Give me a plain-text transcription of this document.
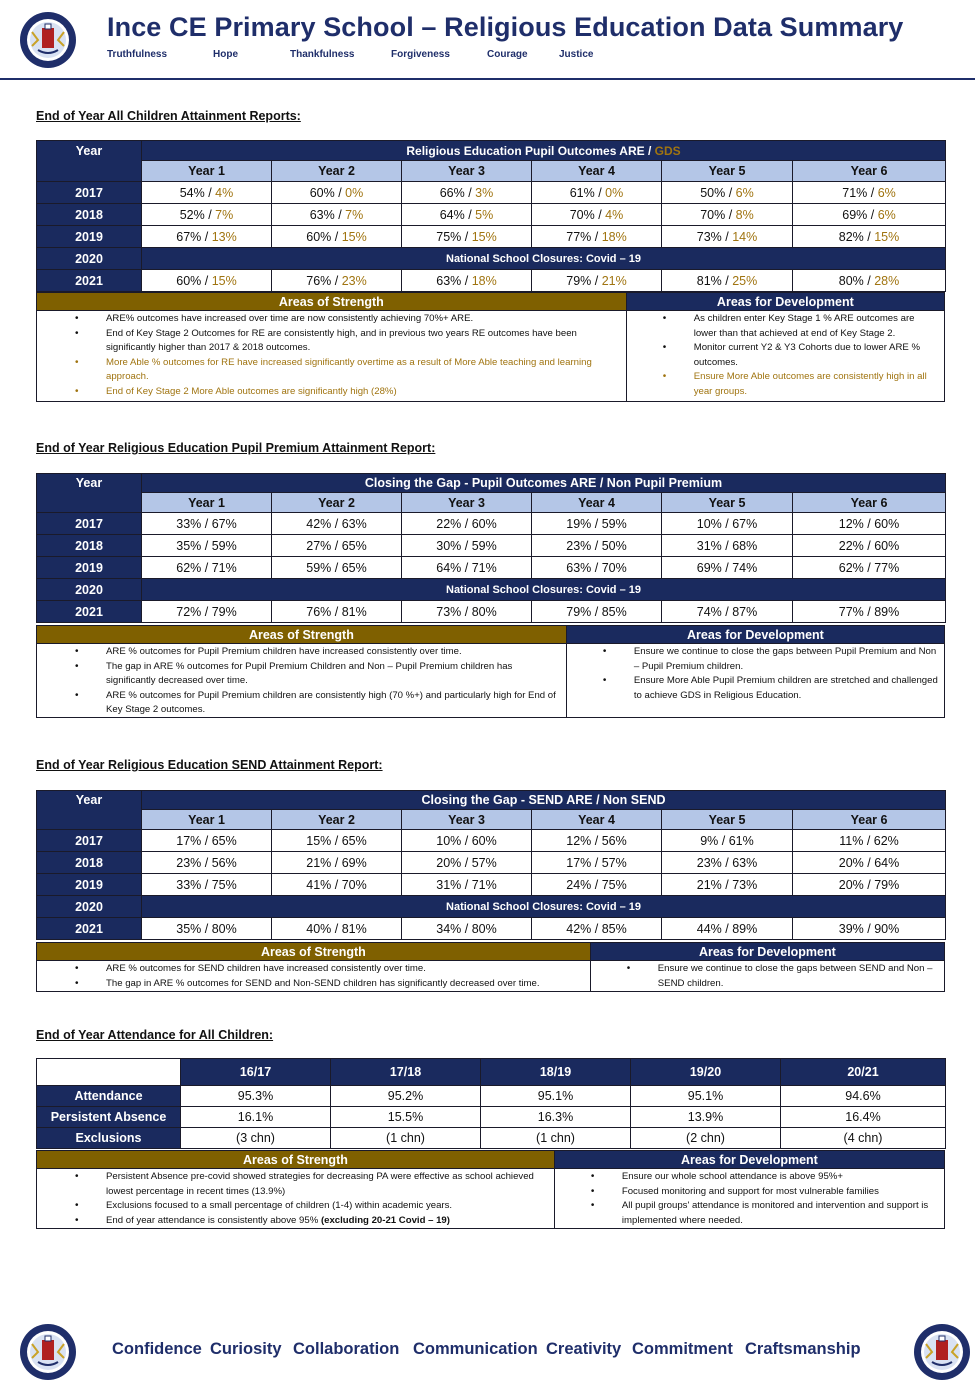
Ince CE Primary School – Religious Education Data Summary
Truthfulness	Hope	Thankfulness	Forgiveness	Courage	Justice
End of Year All Children Attainment Reports:
Year	Religious Education Pupil Outcomes ARE / GDS					
	Year 1	Year 2	Year 3	Year 4	Year 5	Year 6
2017	54% / 4%	60% / 0%	66% / 3%	61% / 0%	50% / 6%	71% / 6%
2018	52% / 7%	63% / 7%	64% / 5%	70% / 4%	70% / 8%	69% / 6%
2019	67% / 13%	60% / 15%	75% / 15%	77% / 18%	73% / 14%	82% / 15%
2020	National School Closures: Covid – 19					
2021	60% / 15%	76% / 23%	63% / 18%	79% / 21%	81% / 25%	80% / 28%
Areas of Strength
• ARE% outcomes have increased over time are now consistently achieving 70%+ ARE.
• End of Key Stage 2 Outcomes for RE are consistently high, and in previous two years RE outcomes have been significantly higher than 2017 & 2018 outcomes.
• More Able % outcomes for RE have increased significantly overtime as a result of More Able teaching and learning approach.
• End of Key Stage 2 More Able outcomes are significantly high (28%)
Areas for Development
• As children enter Key Stage 1 % ARE outcomes are lower than that achieved at end of Key Stage 2.
• Monitor current Y2 & Y3 Cohorts due to lower ARE % outcomes.
• Ensure More Able outcomes are consistently high in all year groups.
End of Year Religious Education Pupil Premium Attainment Report:
Year	Closing the Gap - Pupil Outcomes ARE / Non Pupil Premium					
	Year 1	Year 2	Year 3	Year 4	Year 5	Year 6
2017	33% / 67%	42% / 63%	22% / 60%	19% / 59%	10% / 67%	12% / 60%
2018	35% / 59%	27% / 65%	30% / 59%	23% / 50%	31% / 68%	22% / 60%
2019	62% / 71%	59% / 65%	64% / 71%	63% / 70%	69% / 74%	62% / 77%
2020	National School Closures: Covid – 19					
2021	72% / 79%	76% / 81%	73% / 80%	79% / 85%	74% / 87%	77% / 89%
Areas of Strength
• ARE % outcomes for Pupil Premium children have increased consistently over time.
• The gap in ARE % outcomes for Pupil Premium Children and Non – Pupil Premium children has significantly decreased over time.
• ARE % outcomes for Pupil Premium children are consistently high (70 %+) and particularly high for End of Key Stage 2 outcomes.
Areas for Development
• Ensure we continue to close the gaps between Pupil Premium and Non – Pupil Premium children.
• Ensure More Able Pupil Premium children are stretched and challenged to achieve GDS in Religious Education.
End of Year Religious Education SEND Attainment Report:
Year	Closing the Gap - SEND ARE / Non SEND					
	Year 1	Year 2	Year 3	Year 4	Year 5	Year 6
2017	17% / 65%	15% / 65%	10% / 60%	12% / 56%	9% / 61%	11% / 62%
2018	23% / 56%	21% / 69%	20% / 57%	17% / 57%	23% / 63%	20% / 64%
2019	33% / 75%	41% / 70%	31% / 71%	24% / 75%	21% / 73%	20% / 79%
2020	National School Closures: Covid – 19					
2021	35% / 80%	40% / 81%	34% / 80%	42% / 85%	44% / 89%	39% / 90%
Areas of Strength
• ARE % outcomes for SEND children have increased consistently over time.
• The gap in ARE % outcomes for SEND and Non-SEND children has significantly decreased over time.
Areas for Development
• Ensure we continue to close the gaps between SEND and Non – SEND children.
End of Year Attendance for All Children:
	16/17	17/18	18/19	19/20	20/21
Attendance	95.3%	95.2%	95.1%	95.1%	94.6%
Persistent Absence	16.1%	15.5%	16.3%	13.9%	16.4%
Exclusions	(3 chn)	(1 chn)	(1 chn)	(2 chn)	(4 chn)
Areas of Strength
• Persistent Absence pre-covid showed strategies for decreasing PA were effective as school achieved lowest percentage in recent times (13.9%)
• Exclusions focused to a small percentage of children (1-4) within academic years.
• End of year attendance is consistently above 95% (excluding 20-21 Covid – 19)
Areas for Development
• Ensure our whole school attendance is above 95%+
• Focused monitoring and support for most vulnerable families
• All pupil groups' attendance is monitored and intervention and support is implemented where needed.
Confidence Curiosity Collaboration Communication Creativity Commitment Craftsmanship
